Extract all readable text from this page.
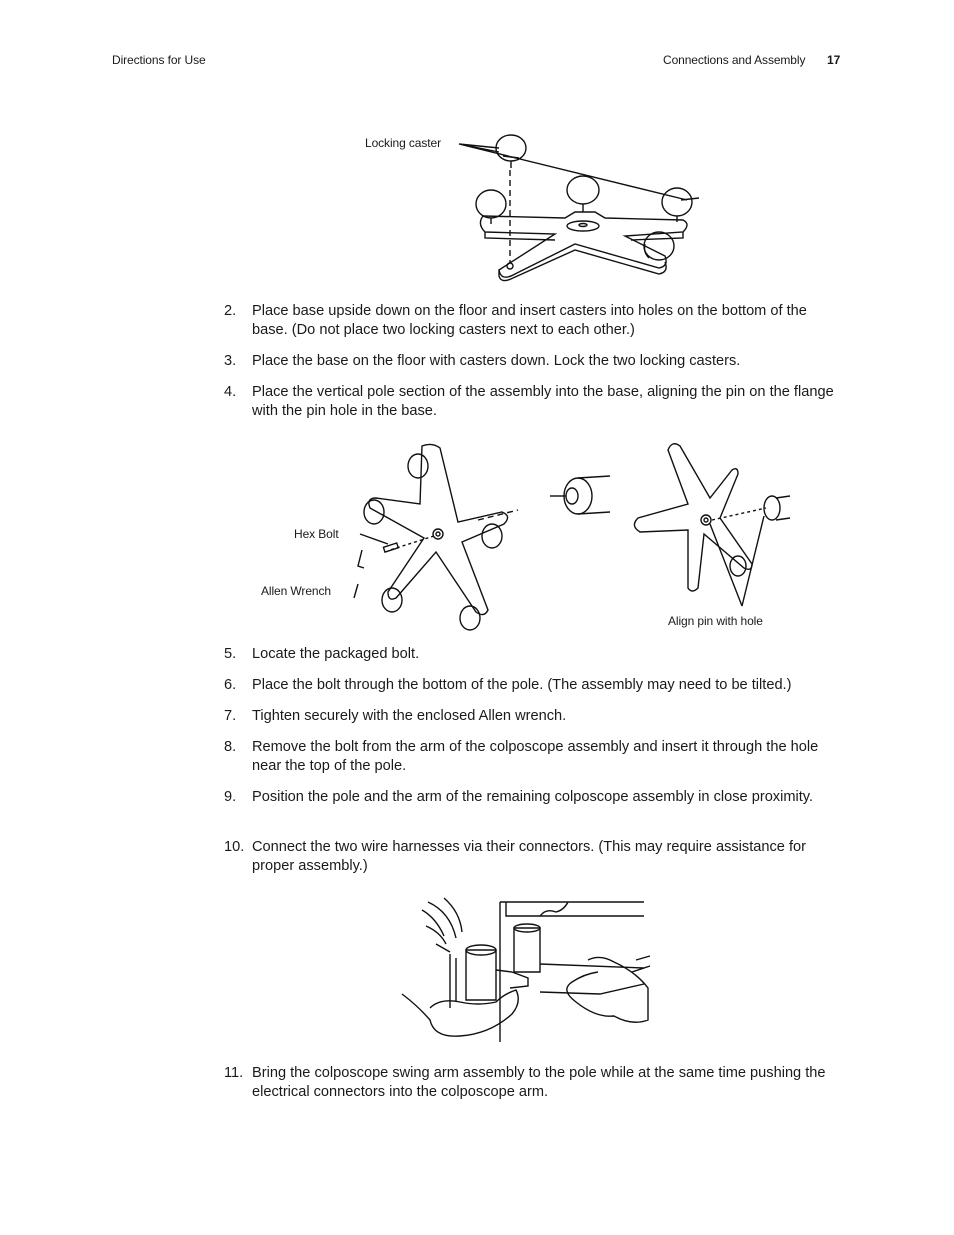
Directions for Use	Connections and Assembly 17
Locking caster
2. Place base upside down on the floor and insert casters into holes on the bottom of the base. (Do not place two locking casters next to each other.)
3. Place the base on the floor with casters down. Lock the two locking casters.
4. Place the vertical pole section of the assembly into the base, aligning the pin on the flange with the pin hole in the base.
Hex Bolt
Allen Wrench
Align pin with hole
5. Locate the packaged bolt.
6. Place the bolt through the bottom of the pole. (The assembly may need to be tilted.)
7. Tighten securely with the enclosed Allen wrench.
8. Remove the bolt from the arm of the colposcope assembly and insert it through the hole near the top of the pole.
9. Position the pole and the arm of the remaining colposcope assembly in close proximity.
10. Connect the two wire harnesses via their connectors. (This may require assistance for proper assembly.)
11. Bring the colposcope swing arm assembly to the pole while at the same time pushing the electrical connectors into the colposcope arm.
